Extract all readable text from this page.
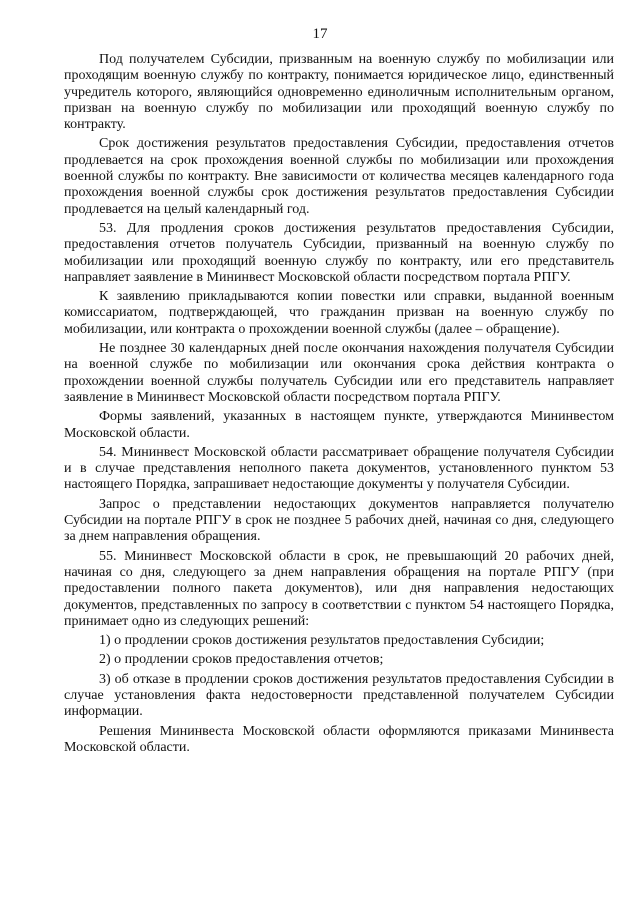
17

Под получателем Субсидии, призванным на военную службу по мобилизации или проходящим военную службу по контракту, понимается юридическое лицо, единственный учредитель которого, являющийся одновременно единоличным исполнительным органом, призван на военную службу по мобилизации или проходящий военную службу по контракту.

Срок достижения результатов предоставления Субсидии, предоставления отчетов продлевается на срок прохождения военной службы по мобилизации или прохождения военной службы по контракту. Вне зависимости от количества месяцев календарного года прохождения военной службы срок достижения результатов предоставления Субсидии продлевается на целый календарный год.

53. Для продления сроков достижения результатов предоставления Субсидии, предоставления отчетов получатель Субсидии, призванный на военную службу по мобилизации или проходящий военную службу по контракту, или его представитель направляет заявление в Мининвест Московской области посредством портала РПГУ.

К заявлению прикладываются копии повестки или справки, выданной военным комиссариатом, подтверждающей, что гражданин призван на военную службу по мобилизации, или контракта о прохождении военной службы (далее – обращение).

Не позднее 30 календарных дней после окончания нахождения получателя Субсидии на военной службе по мобилизации или окончания срока действия контракта о прохождении военной службы получатель Субсидии или его представитель направляет заявление в Мининвест Московской области посредством портала РПГУ.

Формы заявлений, указанных в настоящем пункте, утверждаются Мининвестом Московской области.

54. Мининвест Московской области рассматривает обращение получателя Субсидии и в случае представления неполного пакета документов, установленного пунктом 53 настоящего Порядка, запрашивает недостающие документы у получателя Субсидии.

Запрос о представлении недостающих документов направляется получателю Субсидии на портале РПГУ в срок не позднее 5 рабочих дней, начиная со дня, следующего за днем направления обращения.

55. Мининвест Московской области в срок, не превышающий 20 рабочих дней, начиная со дня, следующего за днем направления обращения на портале РПГУ (при предоставлении полного пакета документов), или дня направления недостающих документов, представленных по запросу в соответствии с пунктом 54 настоящего Порядка, принимает одно из следующих решений:

1) о продлении сроков достижения результатов предоставления Субсидии;

2) о продлении сроков предоставления отчетов;

3) об отказе в продлении сроков достижения результатов предоставления Субсидии в случае установления факта недостоверности представленной получателем Субсидии информации.

Решения Мининвеста Московской области оформляются приказами Мининвеста Московской области.
